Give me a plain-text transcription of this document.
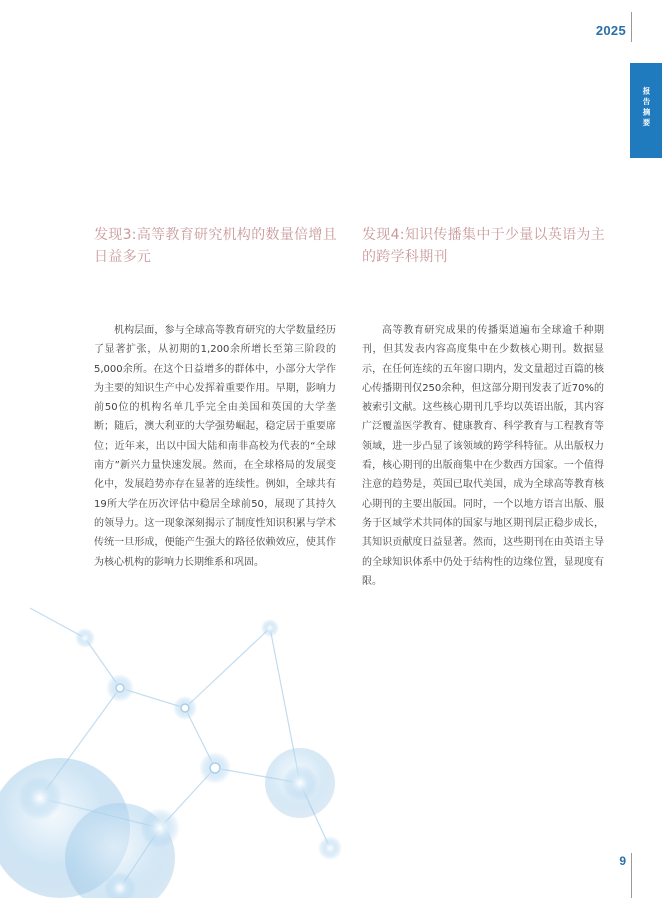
2025
报告摘要
发现3:高等教育研究机构的数量倍增且日益多元
发现4:知识传播集中于少量以英语为主的跨学科期刊

机构层面，参与全球高等教育研究的大学数量经历了显著扩张，从初期的1,200余所增长至第三阶段的5,000余所。在这个日益增多的群体中，小部分大学作为主要的知识生产中心发挥着重要作用。早期，影响力前50位的机构名单几乎完全由美国和英国的大学垄断；随后，澳大利亚的大学强势崛起，稳定居于重要席位；近年来，出以中国大陆和南非高校为代表的“全球南方”新兴力量快速发展。然而，在全球格局的发展变化中，发展趋势亦存在显著的连续性。例如，全球共有19所大学在历次评估中稳居全球前50，展现了其持久的领导力。这一现象深刻揭示了制度性知识积累与学术传统一旦形成，便能产生强大的路径依赖效应，使其作为核心机构的影响力长期维系和巩固。

高等教育研究成果的传播渠道遍布全球逾千种期刊，但其发表内容高度集中在少数核心期刊。数据显示，在任何连续的五年窗口期内，发文量超过百篇的核心传播期刊仅250余种，但这部分期刊发表了近70%的被索引文献。这些核心期刊几乎均以英语出版，其内容广泛覆盖医学教育、健康教育、科学教育与工程教育等领域，进一步凸显了该领域的跨学科特征。从出版权力看，核心期刊的出版商集中在少数西方国家。一个值得注意的趋势是，英国已取代美国，成为全球高等教育核心期刊的主要出版国。同时，一个以地方语言出版、服务于区域学术共同体的国家与地区期刊层正稳步成长，其知识贡献度日益显著。然而，这些期刊在由英语主导的全球知识体系中仍处于结构性的边缘位置，显现度有限。

9
